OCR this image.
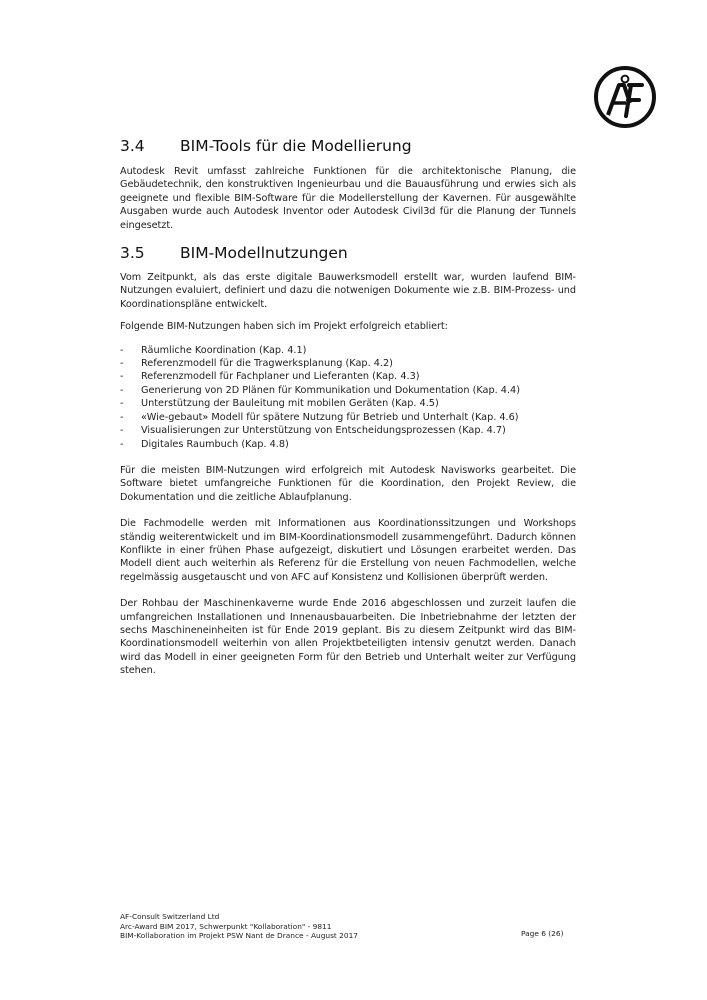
3.4	BIM-Tools für die Modellierung

Autodesk Revit umfasst zahlreiche Funktionen für die architektonische Planung, die Gebäudetechnik, den konstruktiven Ingenieurbau und die Bauausführung und erwies sich als geeignete und flexible BIM-Software für die Modellerstellung der Kavernen. Für ausgewählte Ausgaben wurde auch Autodesk Inventor oder Autodesk Civil3d für die Planung der Tunnels eingesetzt.

3.5	BIM-Modellnutzungen

Vom Zeitpunkt, als das erste digitale Bauwerksmodell erstellt war, wurden laufend BIM-Nutzungen evaluiert, definiert und dazu die notwenigen Dokumente wie z.B. BIM-Prozess- und Koordinationspläne entwickelt.

Folgende BIM-Nutzungen haben sich im Projekt erfolgreich etabliert:

- Räumliche Koordination (Kap. 4.1)
- Referenzmodell für die Tragwerksplanung (Kap. 4.2)
- Referenzmodell für Fachplaner und Lieferanten (Kap. 4.3)
- Generierung von 2D Plänen für Kommunikation und Dokumentation (Kap. 4.4)
- Unterstützung der Bauleitung mit mobilen Geräten (Kap. 4.5)
- «Wie-gebaut» Modell für spätere Nutzung für Betrieb und Unterhalt (Kap. 4.6)
- Visualisierungen zur Unterstützung von Entscheidungsprozessen (Kap. 4.7)
- Digitales Raumbuch (Kap. 4.8)

Für die meisten BIM-Nutzungen wird erfolgreich mit Autodesk Navisworks gearbeitet. Die Software bietet umfangreiche Funktionen für die Koordination, den Projekt Review, die Dokumentation und die zeitliche Ablaufplanung.

Die Fachmodelle werden mit Informationen aus Koordinationssitzungen und Workshops ständig weiterentwickelt und im BIM-Koordinationsmodell zusammengeführt. Dadurch können Konflikte in einer frühen Phase aufgezeigt, diskutiert und Lösungen erarbeitet werden. Das Modell dient auch weiterhin als Referenz für die Erstellung von neuen Fachmodellen, welche regelmässig ausgetauscht und von AFC auf Konsistenz und Kollisionen überprüft werden.

Der Rohbau der Maschinenkaverne wurde Ende 2016 abgeschlossen und zurzeit laufen die umfangreichen Installationen und Innenausbauarbeiten. Die Inbetriebnahme der letzten der sechs Maschineneinheiten ist für Ende 2019 geplant. Bis zu diesem Zeitpunkt wird das BIM-Koordinationsmodell weiterhin von allen Projektbeteiligten intensiv genutzt werden. Danach wird das Modell in einer geeigneten Form für den Betrieb und Unterhalt weiter zur Verfügung stehen.

AF-Consult Switzerland Ltd
Arc-Award BIM 2017, Schwerpunkt "Kollaboration" - 9811
BIM-Kollaboration im Projekt PSW Nant de Drance - August 2017	Page 6 (26)
